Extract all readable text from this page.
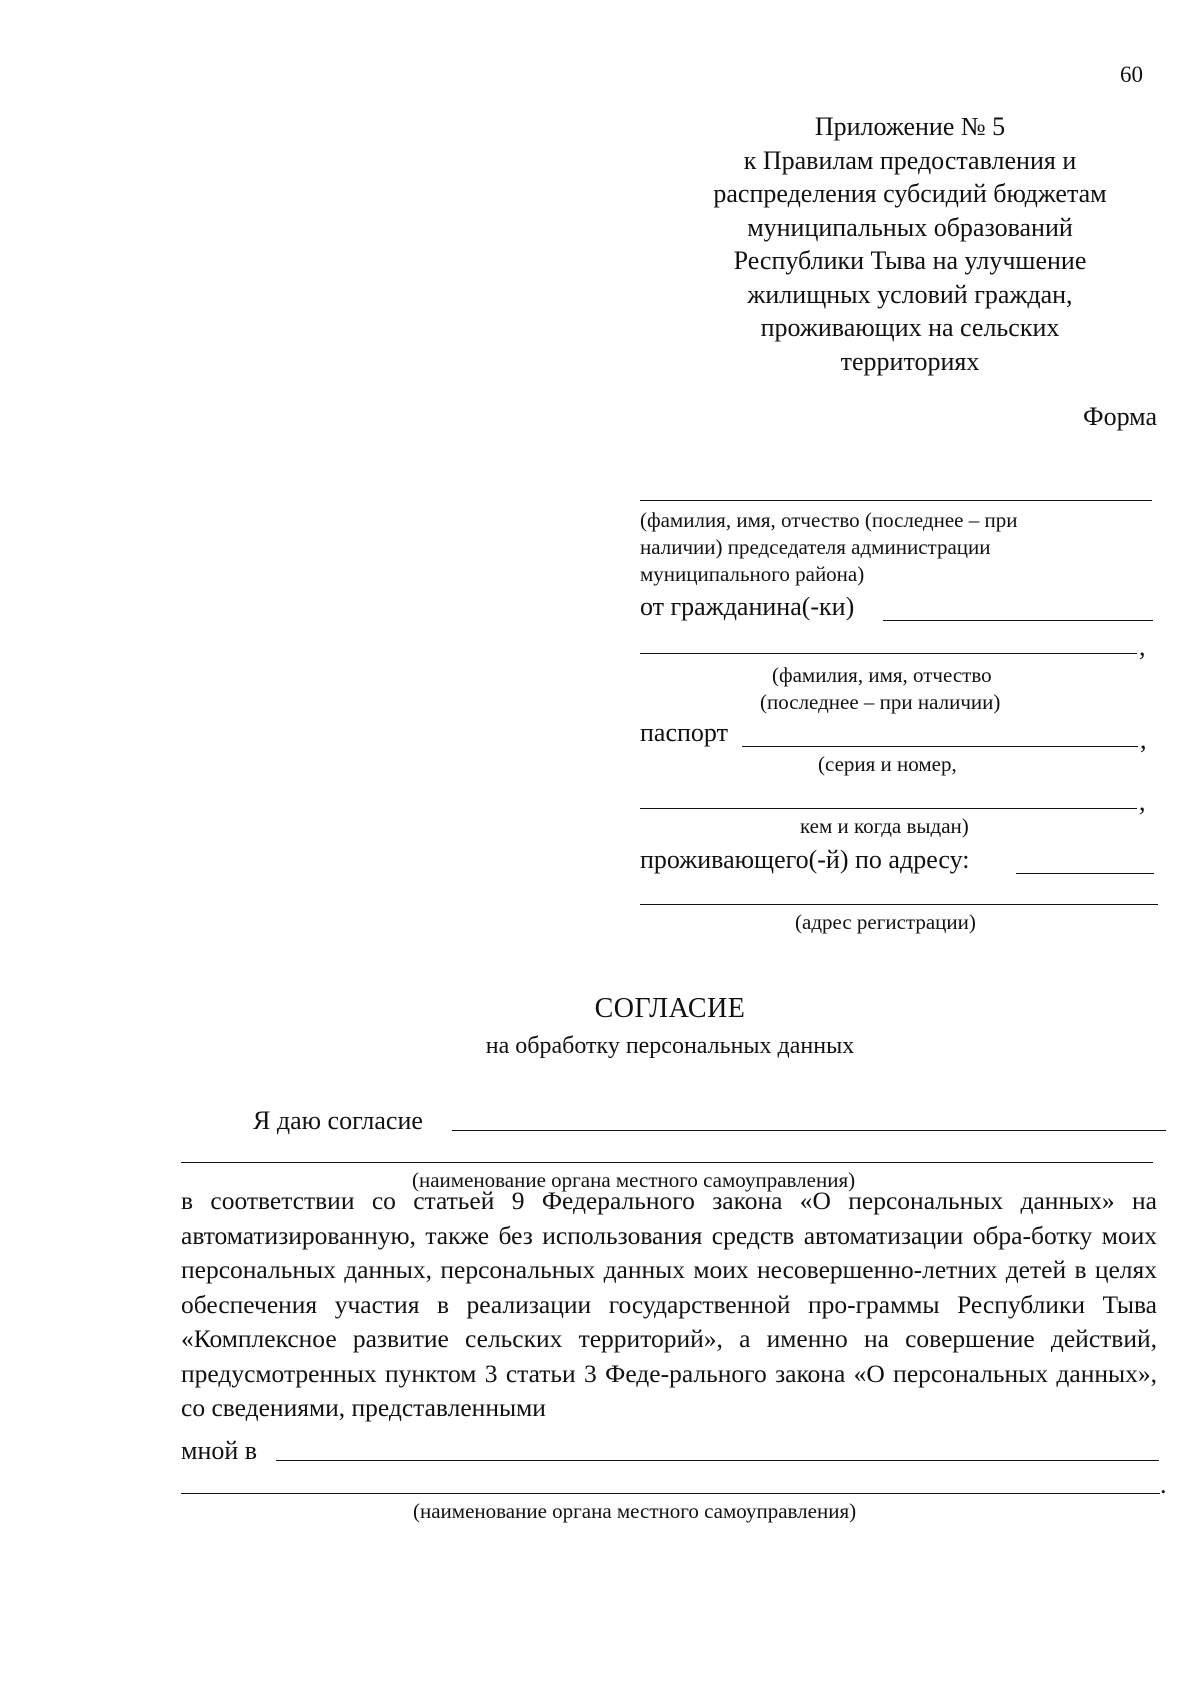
60
Приложение № 5
к Правилам предоставления и
распределения субсидий бюджетам
муниципальных образований
Республики Тыва на улучшение
жилищных условий граждан,
проживающих на сельских
территориях
Форма
(фамилия, имя, отчество (последнее – при
наличии) председателя администрации
муниципального района)
от гражданина(-ки)
,
(фамилия, имя, отчество
(последнее – при наличии)
паспорт	,
(серия и номер,
,
кем и когда выдан)
проживающего(-й) по адресу:
(адрес регистрации)
СОГЛАСИЕ
на обработку персональных данных
Я даю согласие
(наименование органа местного самоуправления)
в соответствии со статьей 9 Федерального закона «О персональных данных» на автоматизированную, также без использования средств автоматизации обра-ботку моих персональных данных, персональных данных моих несовершенно-летних детей в целях обеспечения участия в реализации государственной про-граммы Республики Тыва «Комплексное развитие сельских территорий», а именно на совершение действий, предусмотренных пунктом 3 статьи 3 Феде-рального закона «О персональных данных», со сведениями, представленными
мной в
.
(наименование органа местного самоуправления)
